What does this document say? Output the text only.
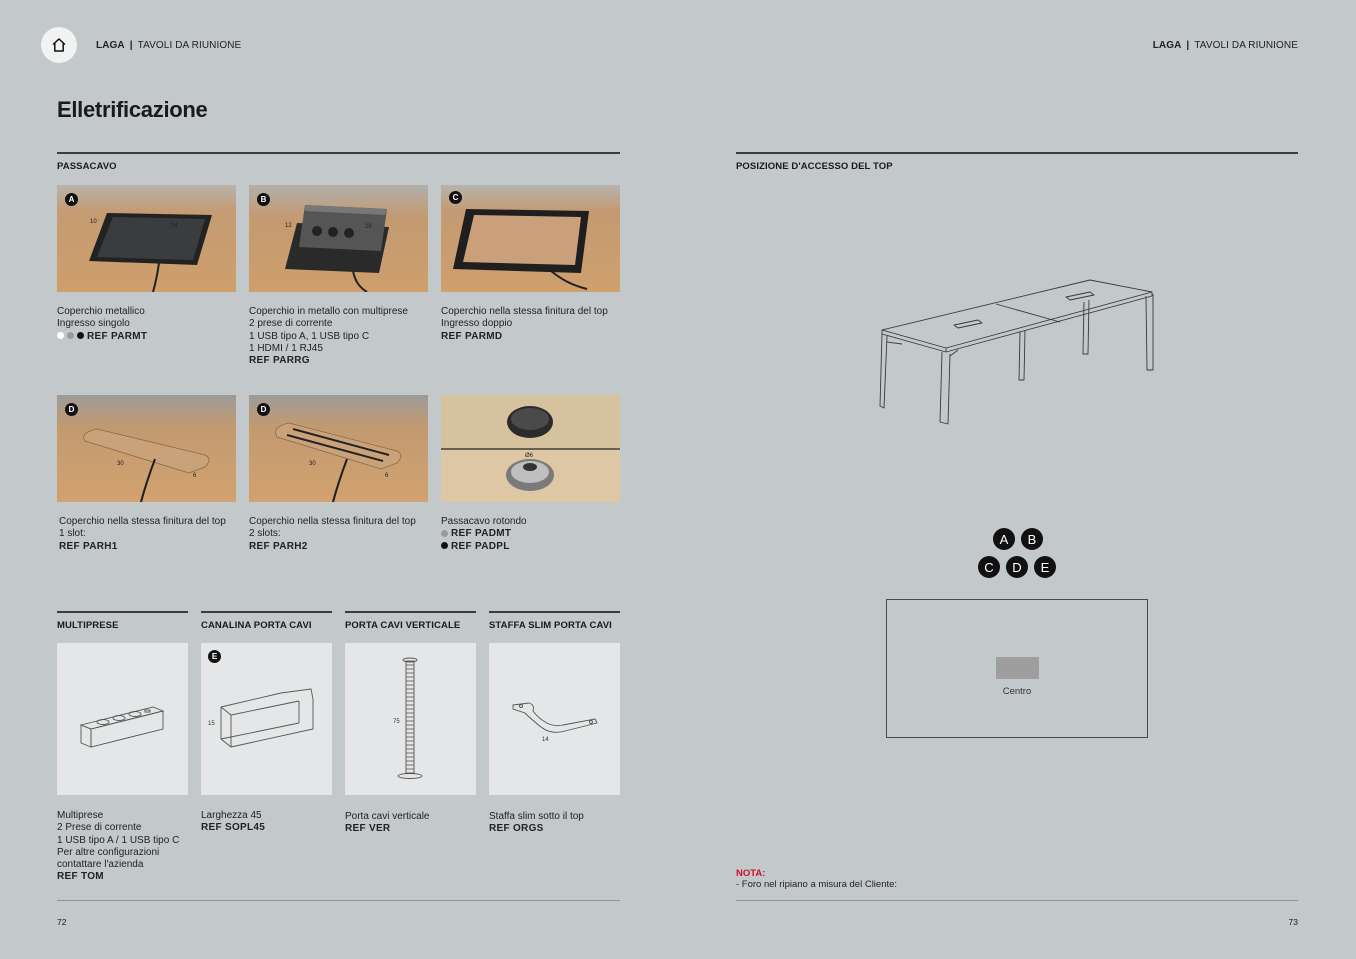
LAGA | TAVOLI DA RIUNIONE	LAGA | TAVOLI DA RIUNIONE
Elletrificazione
PASSACAVO
10
24
A
12	29
B	C
Coperchio metallico
Ingresso singolo
REF PARMT
Coperchio in metallo con multiprese
2 prese di corrente
1 USB tipo A, 1 USB tipo C
1 HDMI / 1 RJ45
REF PARRG
Coperchio nella stessa finitura del top
Ingresso doppio
REF PARMD
30
6
D
30
6
D
Ø6
Coperchio nella stessa finitura del top
1 slot:
REF PARH1
Coperchio nella stessa finitura del top
2 slots:
REF PARH2
Passacavo rotondo
REF PADMT
REF PADPL
MULTIPRESE	CANALINA PORTA CAVI	PORTA CAVI VERTICALE	STAFFA SLIM PORTA CAVI
15
E
75
14
Multiprese
2 Prese di corrente
1 USB tipo A / 1 USB tipo C
Per altre configurazioni
contattare l'azienda
REF TOM
Larghezza 45
REF SOPL45
Porta cavi verticale
REF VER
Staffa slim sotto il top
REF ORGS
72
POSIZIONE D'ACCESSO DEL TOP
A	B
C	D	E
Centro
NOTA:
- Foro nel ripiano a misura del Cliente:
73
